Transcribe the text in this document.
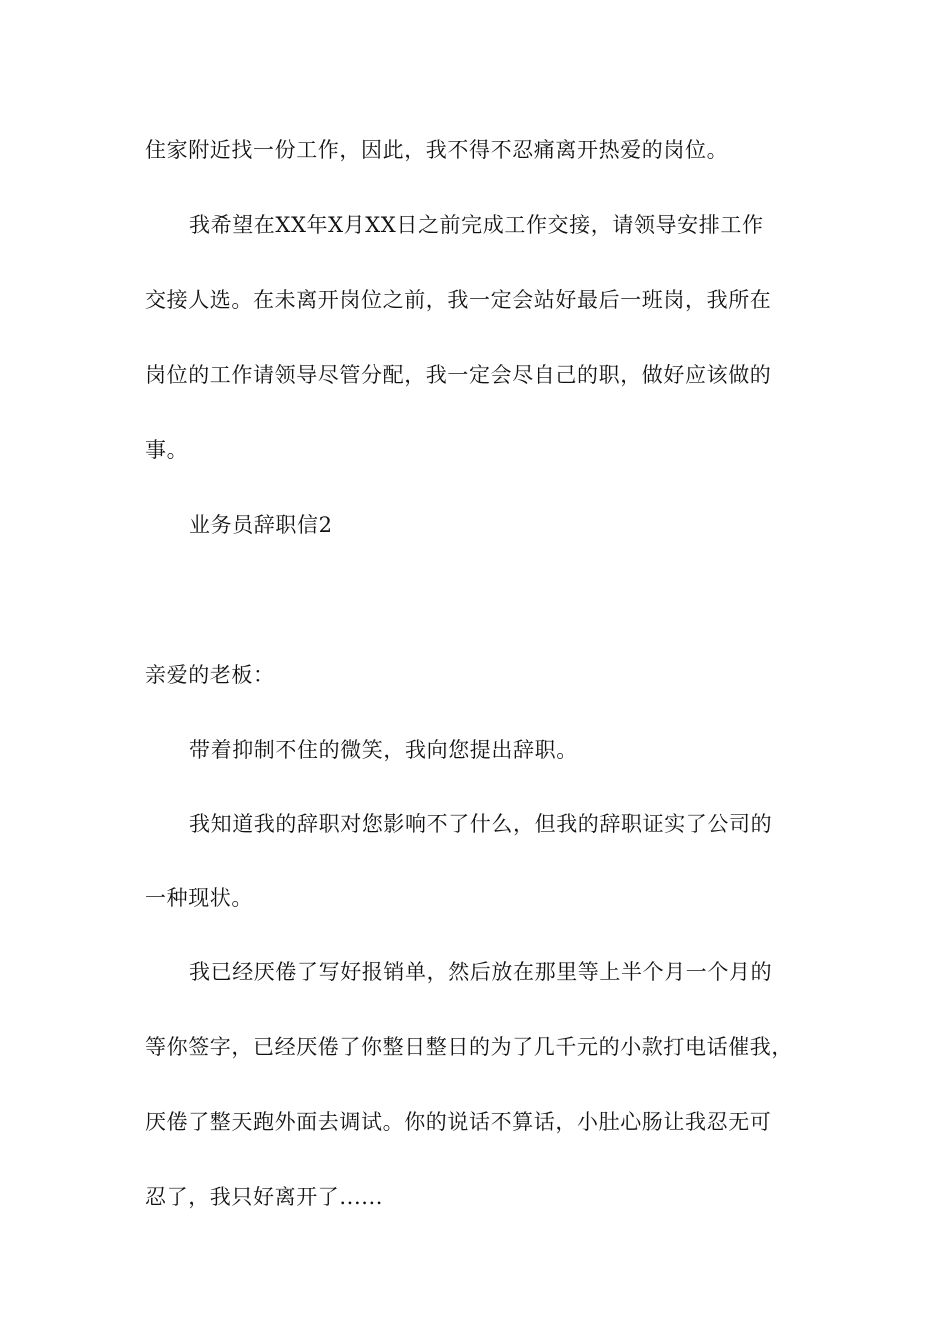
住家附近找一份工作，因此，我不得不忍痛离开热爱的岗位。
我希望在XX年X月XX日之前完成工作交接，请领导安排工作
交接人选。在未离开岗位之前，我一定会站好最后一班岗，我所在
岗位的工作请领导尽管分配，我一定会尽自己的职，做好应该做的
事。
业务员辞职信2
亲爱的老板：
带着抑制不住的微笑，我向您提出辞职。
我知道我的辞职对您影响不了什么，但我的辞职证实了公司的
一种现状。
我已经厌倦了写好报销单，然后放在那里等上半个月一个月的
等你签字，已经厌倦了你整日整日的为了几千元的小款打电话催我，
厌倦了整天跑外面去调试。你的说话不算话，小肚心肠让我忍无可
忍了，我只好离开了......
